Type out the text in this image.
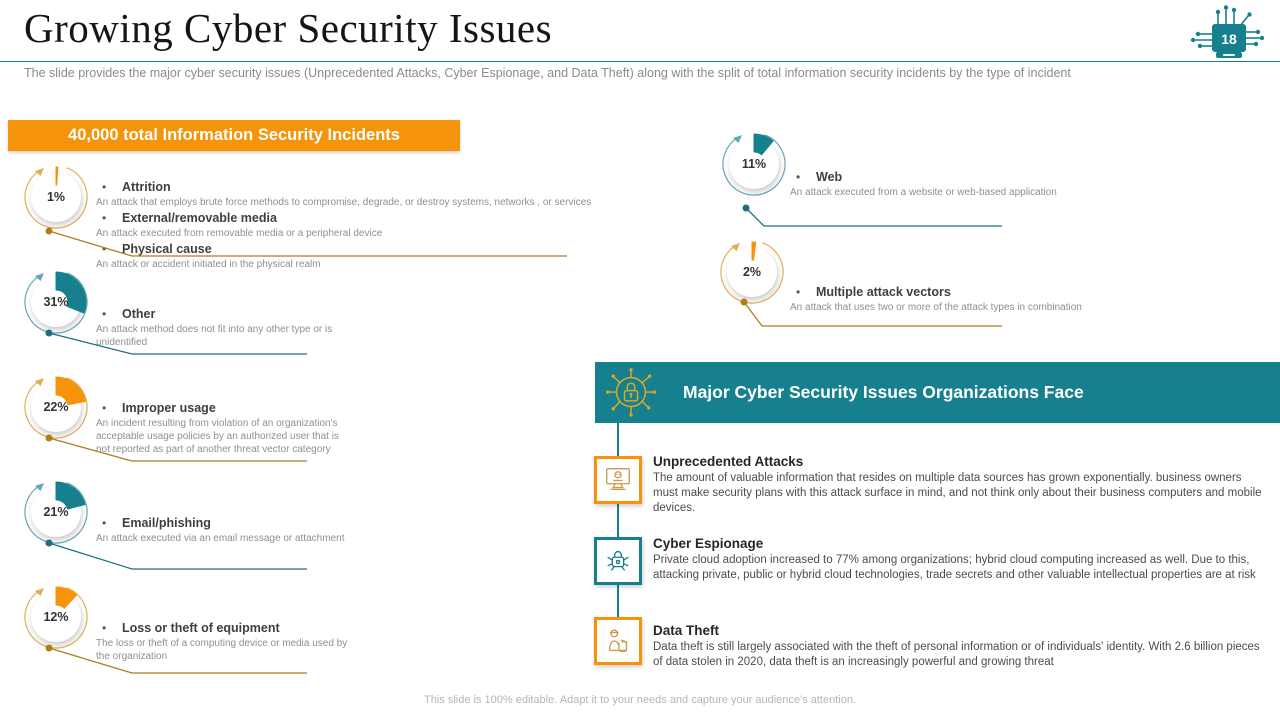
Growing Cyber Security Issues
The slide provides the major cyber security issues (Unprecedented Attacks, Cyber Espionage, and Data Theft) along with the split of total information security incidents by the type of incident
18
40,000 total Information Security Incidents
1%
31%
22%
21%
12%
• Attrition
An attack that employs brute force methods to compromise, degrade, or destroy systems, networks , or services
• External/removable media
An attack executed from removable media or a peripheral device
• Physical cause
An attack or accident initiated in the physical realm
• Other
An attack method does not fit into any other type or is unidentified
• Improper usage
An incident resulting from violation of an organization's acceptable usage policies by an authorized user that is not reported as part of another threat vector category
• Email/phishing
An attack executed via an email message or attachment
• Loss or theft of equipment
The loss or theft of a computing device or media used by the organization
11%
2%
• Web
An attack executed from a website or web-based application
• Multiple attack vectors
An attack that uses two or more of the attack types in combination
Major Cyber Security Issues Organizations Face
Unprecedented Attacks
The amount of valuable information that resides on multiple data sources has grown exponentially. business owners must make security plans with this attack surface in mind, and not think only about their business computers and mobile devices.
Cyber Espionage
Private cloud adoption increased to 77% among organizations; hybrid cloud computing increased as well. Due to this, attacking private, public or hybrid cloud technologies, trade secrets and other valuable intellectual properties are at risk
Data Theft
Data theft is still largely associated with the theft of personal information or of individuals' identity. With 2.6 billion pieces of data stolen in 2020, data theft is an increasingly powerful and growing threat
This slide is 100% editable. Adapt it to your needs and capture your audience's attention.
